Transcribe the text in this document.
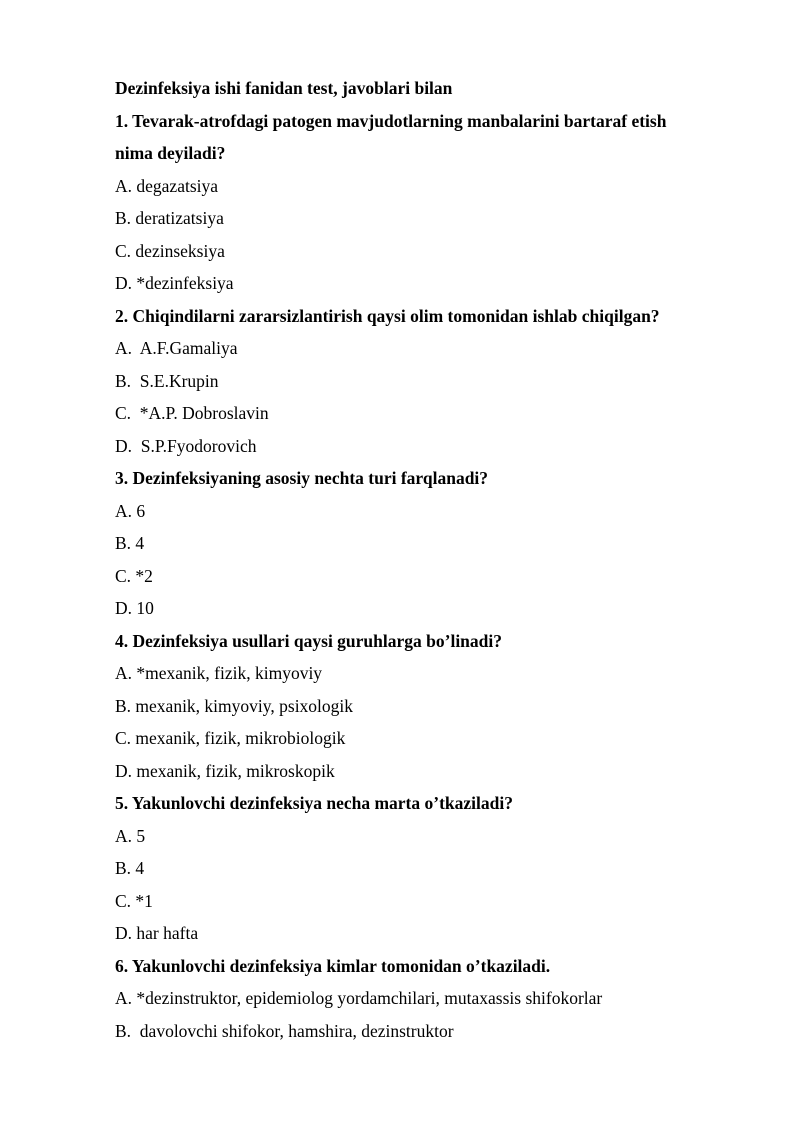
Dezinfeksiya ishi fanidan test, javoblari bilan
1. Tevarak-atrofdagi patogen mavjudotlarning manbalarini bartaraf etish
nima deyiladi?
A. degazatsiya
B. deratizatsiya
C. dezinseksiya
D. *dezinfeksiya
2. Chiqindilarni zararsizlantirish qaysi olim tomonidan ishlab chiqilgan?
A.  A.F.Gamaliya
B.  S.E.Krupin
C.  *A.P. Dobroslavin
D.  S.P.Fyodorovich
3. Dezinfeksiyaning asosiy nechta turi farqlanadi?
A. 6
B. 4
C. *2
D. 10
4. Dezinfeksiya usullari qaysi guruhlarga bo’linadi?
A. *mexanik, fizik, kimyoviy
B. mexanik, kimyoviy, psixologik
C. mexanik, fizik, mikrobiologik
D. mexanik, fizik, mikroskopik
5. Yakunlovchi dezinfeksiya necha marta o’tkaziladi?
A. 5
B. 4
C. *1
D. har hafta
6. Yakunlovchi dezinfeksiya kimlar tomonidan o’tkaziladi.
A. *dezinstruktor, epidemiolog yordamchilari, mutaxassis shifokorlar
B.  davolovchi shifokor, hamshira, dezinstruktor
